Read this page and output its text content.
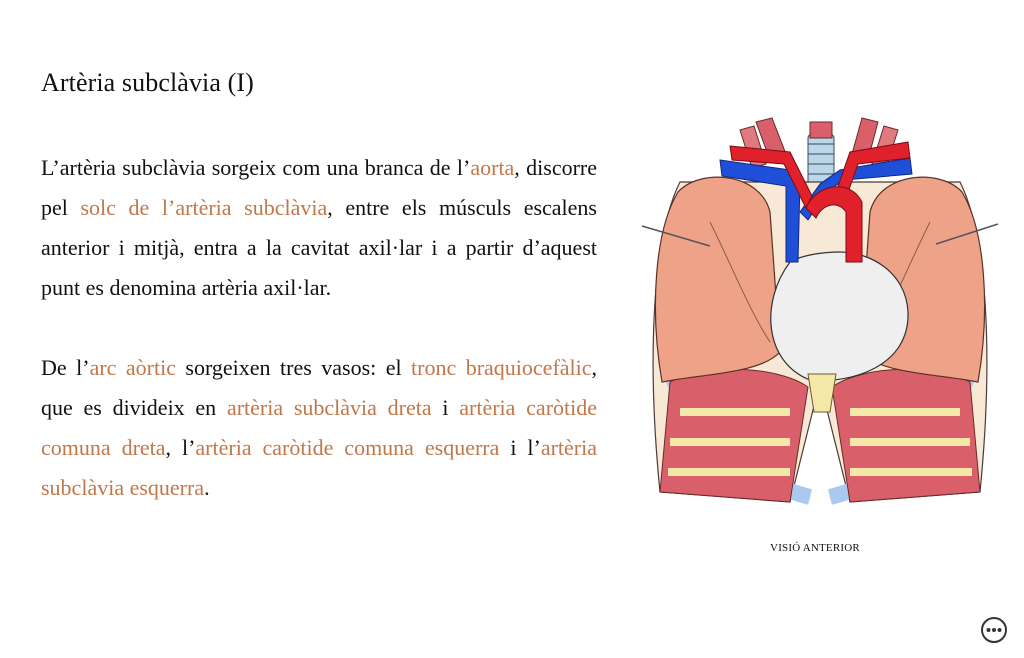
Artèria subclàvia (I)

L’artèria subclàvia sorgeix com una branca de l’aorta, discorre pel solc de l’artèria subclàvia, entre els músculs escalens anterior i mitjà, entra a la cavitat axil·lar i a partir d’aquest punt es denomina artèria axil·lar.

De l’arc aòrtic sorgeixen tres vasos: el tronc braquiocefàlic, que es divideix en artèria subclàvia dreta i artèria caròtide comuna dreta, l’artèria caròtide comuna esquerra i l’artèria subclàvia esquerra.

VISIÓ ANTERIOR
